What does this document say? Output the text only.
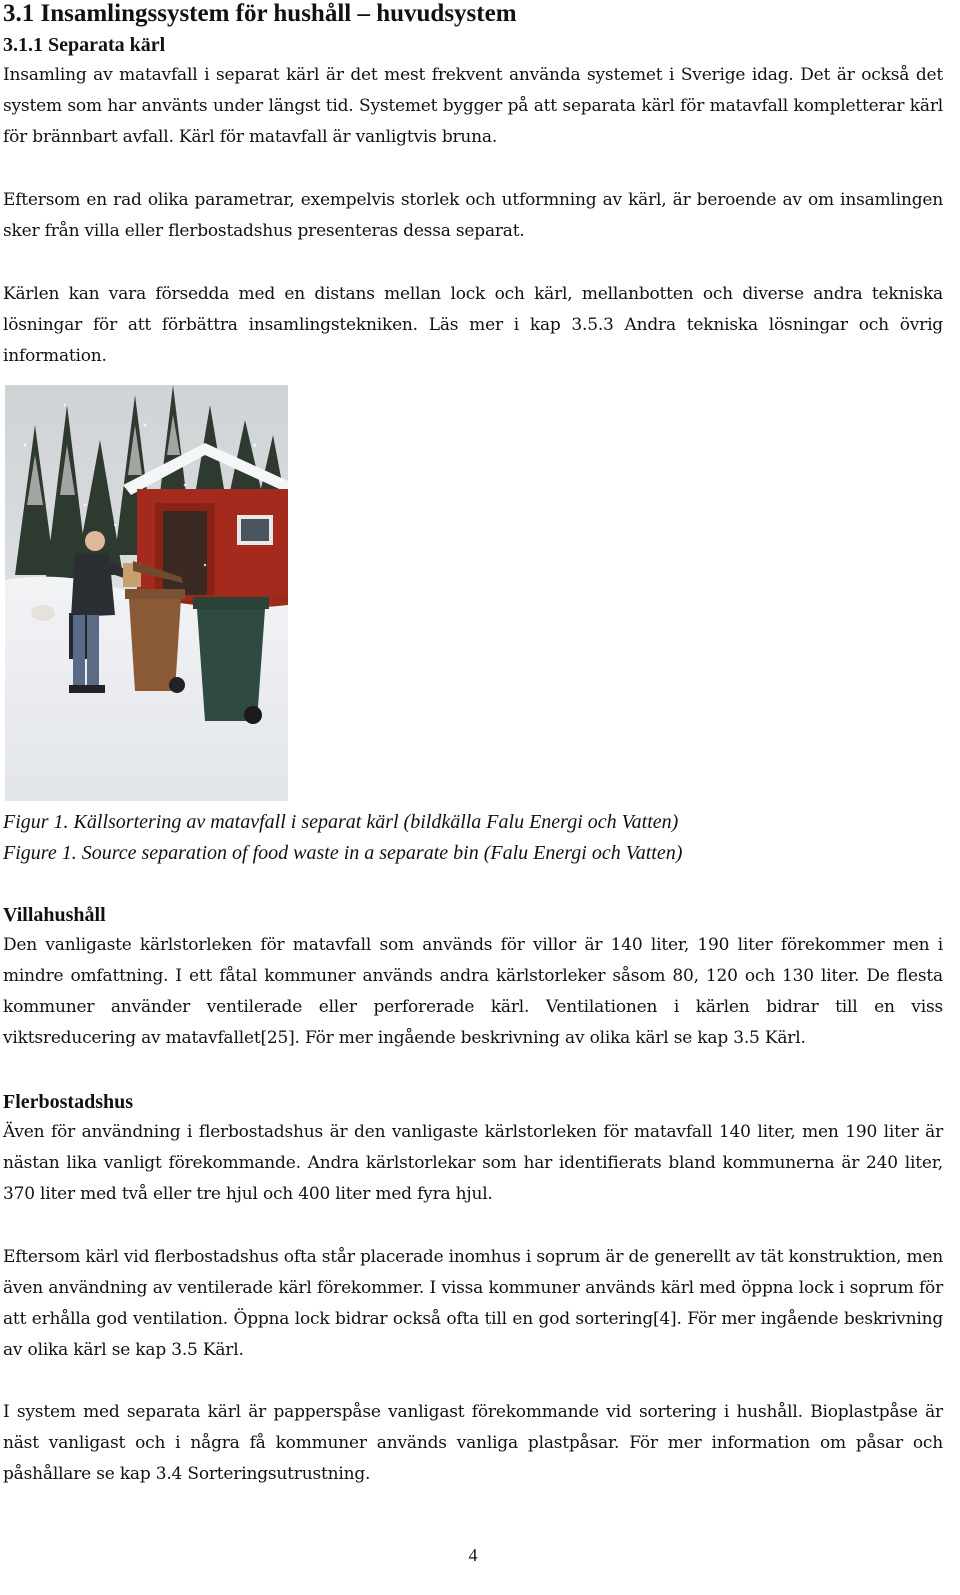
3.1 Insamlingssystem för hushåll – huvudsystem
3.1.1 Separata kärl

Insamling av matavfall i separat kärl är det mest frekvent använda systemet i Sverige idag. Det är också det system som har använts under längst tid. Systemet bygger på att separata kärl för matavfall kompletterar kärl för brännbart avfall. Kärl för matavfall är vanligtvis bruna.

Eftersom en rad olika parametrar, exempelvis storlek och utformning av kärl, är beroende av om insamlingen sker från villa eller flerbostadshus presenteras dessa separat.

Kärlen kan vara försedda med en distans mellan lock och kärl, mellanbotten och diverse andra tekniska lösningar för att förbättra insamlingstekniken. Läs mer i kap 3.5.3 Andra tekniska lösningar och övrig information.

Figur 1. Källsortering av matavfall i separat kärl (bildkälla Falu Energi och Vatten)
Figure 1. Source separation of food waste in a separate bin (Falu Energi och Vatten)
Villahushåll

Den vanligaste kärlstorleken för matavfall som används för villor är 140 liter, 190 liter förekommer men i mindre omfattning. I ett fåtal kommuner används andra kärlstorleker såsom 80, 120 och 130 liter. De flesta kommuner använder ventilerade eller perforerade kärl. Ventilationen i kärlen bidrar till en viss viktsreducering av matavfallet[25]. För mer ingående beskrivning av olika kärl se kap 3.5 Kärl.

Flerbostadshus

Även för användning i flerbostadshus är den vanligaste kärlstorleken för matavfall 140 liter, men 190 liter är nästan lika vanligt förekommande. Andra kärlstorlekar som har identifierats bland kommunerna är 240 liter, 370 liter med två eller tre hjul och 400 liter med fyra hjul.

Eftersom kärl vid flerbostadshus ofta står placerade inomhus i soprum är de generellt av tät konstruktion, men även användning av ventilerade kärl förekommer. I vissa kommuner används kärl med öppna lock i soprum för att erhålla god ventilation. Öppna lock bidrar också ofta till en god sortering[4]. För mer ingående beskrivning av olika kärl se kap 3.5 Kärl.

I system med separata kärl är papperspåse vanligast förekommande vid sortering i hushåll. Bioplastpåse är näst vanligast och i några få kommuner används vanliga plastpåsar. För mer information om påsar och påshållare se kap 3.4 Sorteringsutrustning.

4
